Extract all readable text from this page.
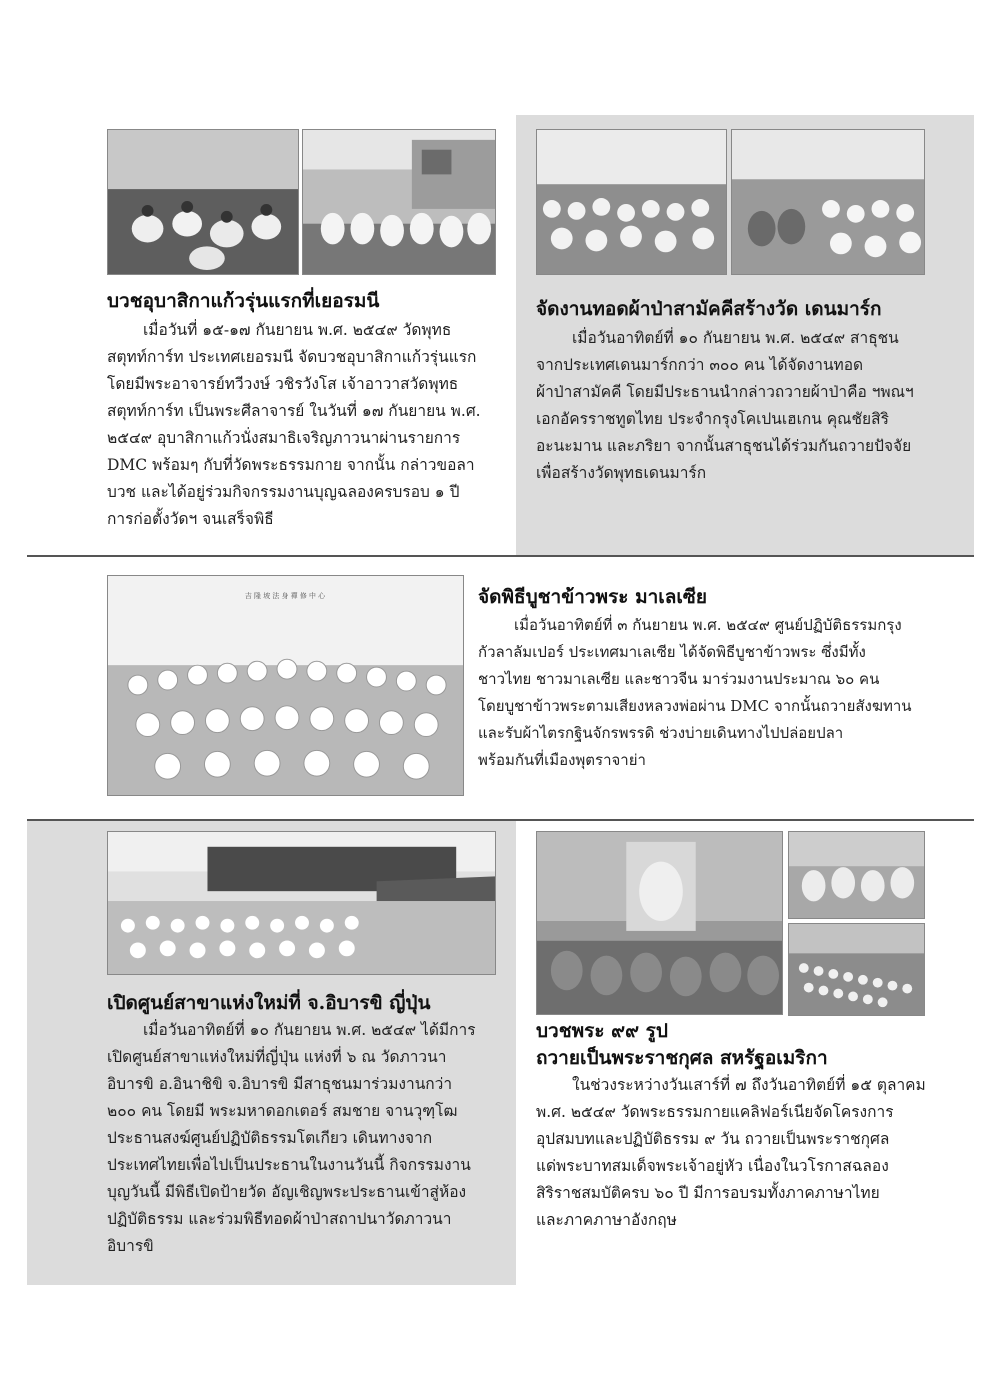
吉 隆 坡 法 身 禪 修 中 心
บวชอุบาสิกาแก้วรุ่นแรกที่เยอรมนี

เมื่อวันที่ ๑๕-๑๗ กันยายน พ.ศ. ๒๕๔๙ วัดพุทธ

สตุทท์การ์ท ประเทศเยอรมนี จัดบวชอุบาสิกาแก้วรุ่นแรก

โดยมีพระอาจารย์ทวีวงษ์ วชิรวังโส เจ้าอาวาสวัดพุทธ

สตุทท์การ์ท เป็นพระศีลาจารย์ ในวันที่ ๑๗ กันยายน พ.ศ.

๒๕๔๙ อุบาสิกาแก้วนั่งสมาธิเจริญภาวนาผ่านรายการ

DMC พร้อมๆ กับที่วัดพระธรรมกาย จากนั้น กล่าวขอลา

บวช และได้อยู่ร่วมกิจกรรมงานบุญฉลองครบรอบ ๑ ปี

การก่อตั้งวัดฯ จนเสร็จพิธี

จัดงานทอดผ้าป่าสามัคคีสร้างวัด เดนมาร์ก

เมื่อวันอาทิตย์ที่ ๑๐ กันยายน พ.ศ. ๒๕๔๙ สาธุชน

จากประเทศเดนมาร์กกว่า ๓๐๐ คน ได้จัดงานทอด

ผ้าป่าสามัคคี โดยมีประธานนำกล่าวถวายผ้าป่าคือ ฯพณฯ

เอกอัครราชทูตไทย ประจำกรุงโคเปนเฮเกน คุณชัยสิริ

อะนะมาน และภริยา จากนั้นสาธุชนได้ร่วมกันถวายปัจจัย

เพื่อสร้างวัดพุทธเดนมาร์ก

จัดพิธีบูชาข้าวพระ มาเลเซีย

เมื่อวันอาทิตย์ที่ ๓ กันยายน พ.ศ. ๒๕๔๙ ศูนย์ปฏิบัติธรรมกรุง

กัวลาลัมเปอร์ ประเทศมาเลเซีย ได้จัดพิธีบูชาข้าวพระ ซึ่งมีทั้ง

ชาวไทย ชาวมาเลเซีย และชาวจีน มาร่วมงานประมาณ ๖๐ คน

โดยบูชาข้าวพระตามเสียงหลวงพ่อผ่าน DMC จากนั้นถวายสังฆทาน

และรับผ้าไตรกฐินจักรพรรดิ ช่วงบ่ายเดินทางไปปล่อยปลา

พร้อมกันที่เมืองพุตราจาย่า

เปิดศูนย์สาขาแห่งใหม่ที่ จ.อิบารขิ ญี่ปุ่น

เมื่อวันอาทิตย์ที่ ๑๐ กันยายน พ.ศ. ๒๕๔๙ ได้มีการ

เปิดศูนย์สาขาแห่งใหม่ที่ญี่ปุ่น แห่งที่ ๖ ณ วัดภาวนา

อิบารขิ อ.อินาชิขิ จ.อิบารขิ มีสาธุชนมาร่วมงานกว่า

๒๐๐ คน โดยมี พระมหาดอกเตอร์ สมชาย จานวุฑฺโฒ

ประธานสงฆ์ศูนย์ปฏิบัติธรรมโตเกียว เดินทางจาก

ประเทศไทยเพื่อไปเป็นประธานในงานวันนี้ กิจกรรมงาน

บุญวันนี้ มีพิธีเปิดป้ายวัด อัญเชิญพระประธานเข้าสู่ห้อง

ปฏิบัติธรรม และร่วมพิธีทอดผ้าป่าสถาปนาวัดภาวนา

อิบารขิ

บวชพระ ๙๙ รูป
ถวายเป็นพระราชกุศล สหรัฐอเมริกา

ในช่วงระหว่างวันเสาร์ที่ ๗ ถึงวันอาทิตย์ที่ ๑๕ ตุลาคม

พ.ศ. ๒๕๔๙ วัดพระธรรมกายแคลิฟอร์เนียจัดโครงการ

อุปสมบทและปฏิบัติธรรม ๙ วัน ถวายเป็นพระราชกุศล

แด่พระบาทสมเด็จพระเจ้าอยู่หัว เนื่องในวโรกาสฉลอง

สิริราชสมบัติครบ ๖๐ ปี มีการอบรมทั้งภาคภาษาไทย

และภาคภาษาอังกฤษ
